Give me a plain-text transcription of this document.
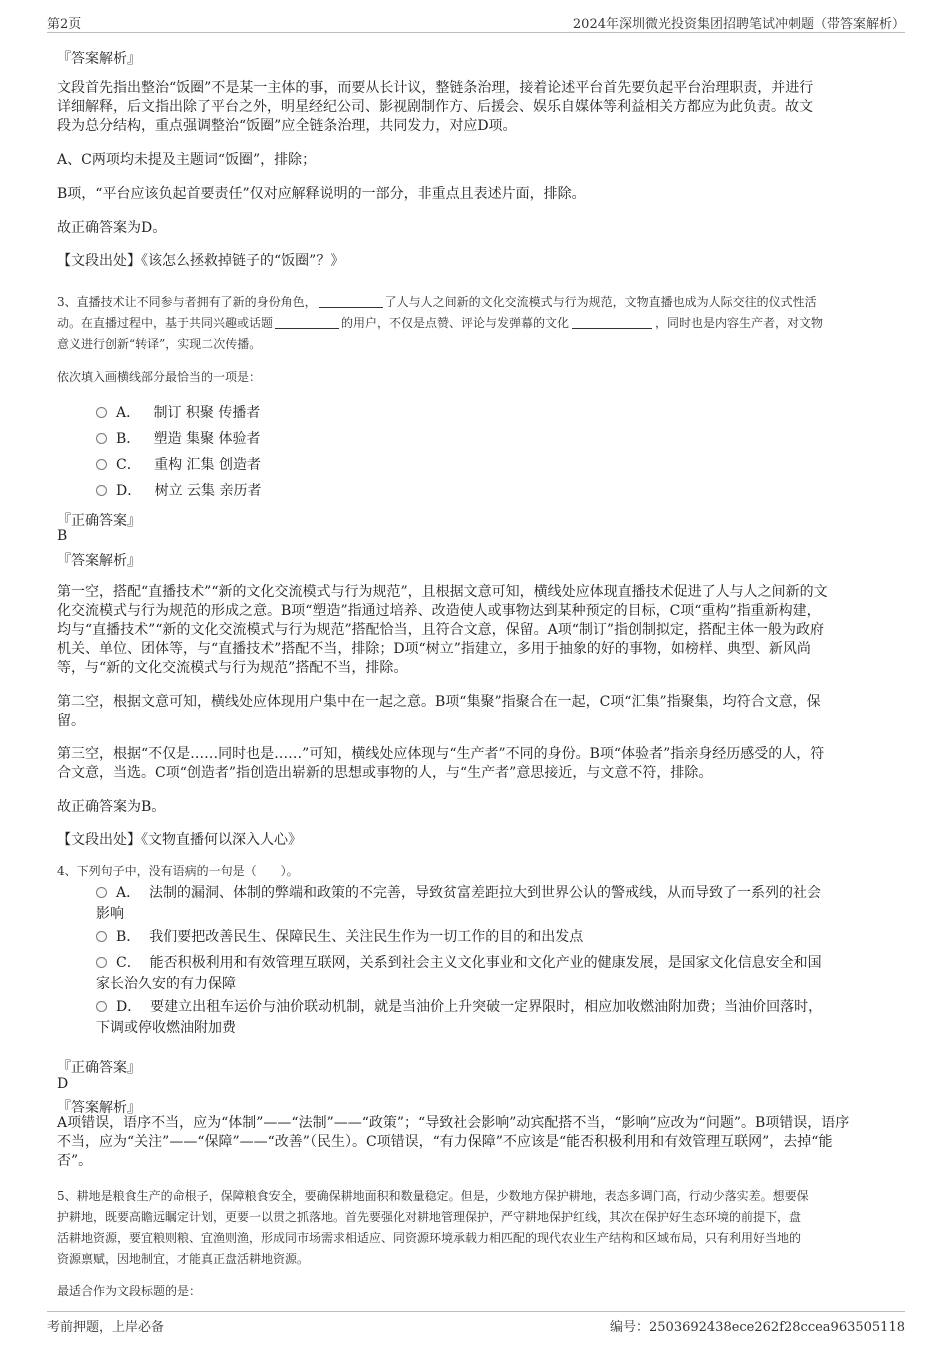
第2页	2024年深圳微光投资集团招聘笔试冲刺题（带答案解析）
『答案解析』
文段首先指出整治“饭圈”不是某一主体的事，而要从长计议，整链条治理，接着论述平台首先要负起平台治理职责，并进行
详细解释，后文指出除了平台之外，明星经纪公司、影视剧制作方、后援会、娱乐自媒体等利益相关方都应为此负责。故文
段为总分结构，重点强调整治“饭圈”应全链条治理，共同发力，对应D项。
A、C两项均未提及主题词“饭圈”，排除；
B项，“平台应该负起首要责任”仅对应解释说明的一部分，非重点且表述片面，排除。
故正确答案为D。
【文段出处】《该怎么拯救掉链子的“饭圈”？》
3、直播技术让不同参与者拥有了新的身份角色，	了人与人之间新的文化交流模式与行为规范，文物直播也成为人际交往的仪式性活
动。在直播过程中，基于共同兴趣或话题	的用户，不仅是点赞、评论与发弹幕的文化	，同时也是内容生产者，对文物
意义进行创新“转译”，实现二次传播。
依次填入画横线部分最恰当的一项是：
A． 制订 积聚 传播者
B． 塑造 集聚 体验者
C． 重构 汇集 创造者
D． 树立 云集 亲历者
『正确答案』
B
『答案解析』
第一空，搭配“直播技术”“新的文化交流模式与行为规范”，且根据文意可知，横线处应体现直播技术促进了人与人之间新的文
化交流模式与行为规范的形成之意。B项“塑造”指通过培养、改造使人或事物达到某种预定的目标，C项“重构”指重新构建，
均与“直播技术”“新的文化交流模式与行为规范”搭配恰当，且符合文意，保留。A项“制订”指创制拟定，搭配主体一般为政府
机关、单位、团体等，与“直播技术”搭配不当，排除；D项“树立”指建立，多用于抽象的好的事物，如榜样、典型、新风尚
等，与“新的文化交流模式与行为规范”搭配不当，排除。
第二空，根据文意可知，横线处应体现用户集中在一起之意。B项“集聚”指聚合在一起，C项“汇集”指聚集，均符合文意，保
留。
第三空，根据“不仅是……同时也是……”可知，横线处应体现与“生产者”不同的身份。B项“体验者”指亲身经历感受的人，符
合文意，当选。C项“创造者”指创造出崭新的思想或事物的人，与“生产者”意思接近，与文意不符，排除。
故正确答案为B。
【文段出处】《文物直播何以深入人心》
4、下列句子中，没有语病的一句是（　　）。
A． 法制的漏洞、体制的弊端和政策的不完善，导致贫富差距拉大到世界公认的警戒线，从而导致了一系列的社会
影响
B． 我们要把改善民生、保障民生、关注民生作为一切工作的目的和出发点
C． 能否积极利用和有效管理互联网，关系到社会主义文化事业和文化产业的健康发展，是国家文化信息安全和国
家长治久安的有力保障
D． 要建立出租车运价与油价联动机制，就是当油价上升突破一定界限时，相应加收燃油附加费；当油价回落时，
下调或停收燃油附加费
『正确答案』
D
『答案解析』
A项错误，语序不当，应为“体制”——“法制”——“政策”；“导致社会影响”动宾配搭不当，“影响”应改为“问题”。B项错误，语序
不当，应为“关注”——“保障”——“改善”（民生）。C项错误，“有力保障”不应该是“能否积极利用和有效管理互联网”，去掉“能
否”。
5、耕地是粮食生产的命根子，保障粮食安全，要确保耕地面积和数量稳定。但是，少数地方保护耕地，表态多调门高，行动少落实差。想要保
护耕地，既要高瞻远瞩定计划，更要一以贯之抓落地。首先要强化对耕地管理保护，严守耕地保护红线，其次在保护好生态环境的前提下，盘
活耕地资源，要宜粮则粮、宜渔则渔，形成同市场需求相适应、同资源环境承载力相匹配的现代农业生产结构和区域布局，只有利用好当地的
资源禀赋，因地制宜，才能真正盘活耕地资源。
最适合作为文段标题的是：
考前押题，上岸必备	编号：2503692438ece262f28ccea963505118
